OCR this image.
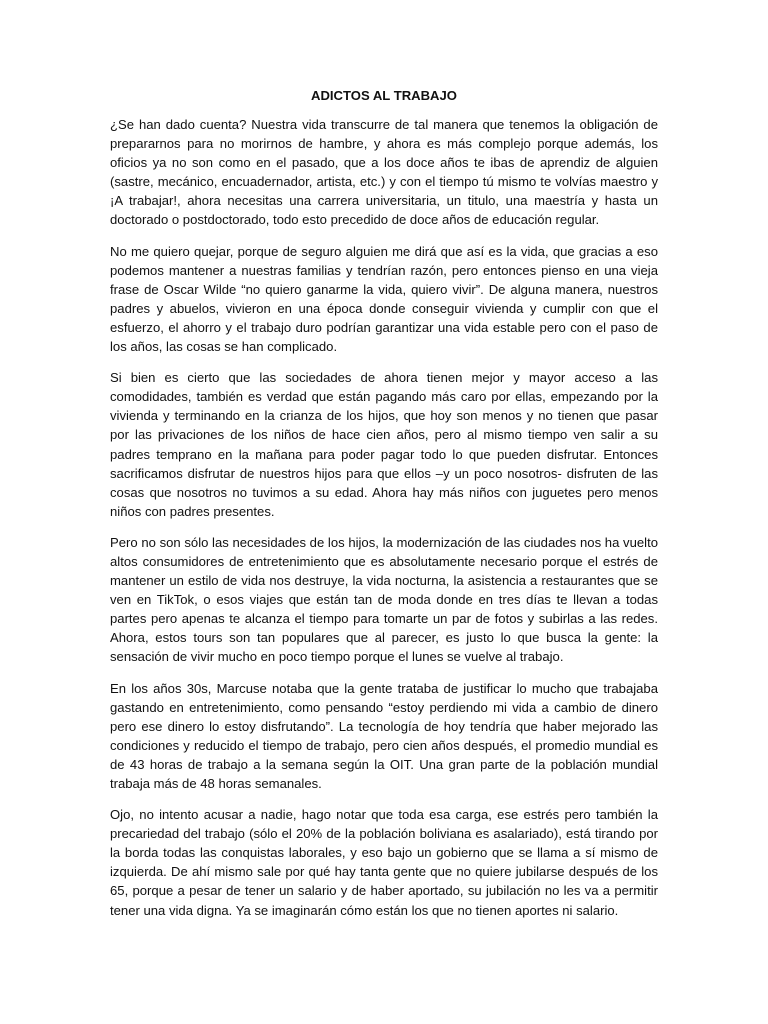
ADICTOS AL TRABAJO

¿Se han dado cuenta? Nuestra vida transcurre de tal manera que tenemos la obligación de prepararnos para no morirnos de hambre, y ahora es más complejo porque además, los oficios ya no son como en el pasado, que a los doce años te ibas de aprendiz de alguien (sastre, mecánico, encuadernador, artista, etc.) y con el tiempo tú mismo te volvías maestro y ¡A trabajar!, ahora necesitas una carrera universitaria, un titulo, una maestría y hasta un doctorado o postdoctorado, todo esto precedido de doce años de educación regular.

No me quiero quejar, porque de seguro alguien me dirá que así es la vida, que gracias a eso podemos mantener a nuestras familias y tendrían razón, pero entonces pienso en una vieja frase de Oscar Wilde “no quiero ganarme la vida, quiero vivir”. De alguna manera, nuestros padres y abuelos, vivieron en una época donde conseguir vivienda y cumplir con que el esfuerzo, el ahorro y el trabajo duro podrían garantizar una vida estable pero con el paso de los años, las cosas se han complicado.

Si bien es cierto que las sociedades de ahora tienen mejor y mayor acceso a las comodidades, también es verdad que están pagando más caro por ellas, empezando por la vivienda y terminando en la crianza de los hijos, que hoy son menos y no tienen que pasar por las privaciones de los niños de hace cien años, pero al mismo tiempo ven salir a su padres temprano en la mañana para poder pagar todo lo que pueden disfrutar. Entonces sacrificamos disfrutar de nuestros hijos para que ellos –y un poco nosotros- disfruten de las cosas que nosotros no tuvimos a su edad. Ahora hay más niños con juguetes pero menos niños con padres presentes.

Pero no son sólo las necesidades de los hijos, la modernización de las ciudades nos ha vuelto altos consumidores de entretenimiento que es absolutamente necesario porque el estrés de mantener un estilo de vida nos destruye, la vida nocturna, la asistencia a restaurantes que se ven en TikTok, o esos viajes que están tan de moda donde en tres días te llevan a todas partes pero apenas te alcanza el tiempo para tomarte un par de fotos y subirlas a las redes. Ahora, estos tours son tan populares que al parecer, es justo lo que busca la gente: la sensación de vivir mucho en poco tiempo porque el lunes se vuelve al trabajo.

En los años 30s, Marcuse notaba que la gente trataba de justificar lo mucho que trabajaba gastando en entretenimiento, como pensando “estoy perdiendo mi vida a cambio de dinero pero ese dinero lo estoy disfrutando”. La tecnología de hoy tendría que haber mejorado las condiciones y reducido el tiempo de trabajo, pero cien años después, el promedio mundial es de 43 horas de trabajo a la semana según la OIT. Una gran parte de la población mundial trabaja más de 48 horas semanales.

Ojo, no intento acusar a nadie, hago notar que toda esa carga, ese estrés pero también la precariedad del trabajo (sólo el 20% de la población boliviana es asalariado), está tirando por la borda todas las conquistas laborales, y eso bajo un gobierno que se llama a sí mismo de izquierda. De ahí mismo sale por qué hay tanta gente que no quiere jubilarse después de los 65, porque a pesar de tener un salario y de haber aportado, su jubilación no les va a permitir tener una vida digna. Ya se imaginarán cómo están los que no tienen aportes ni salario.
